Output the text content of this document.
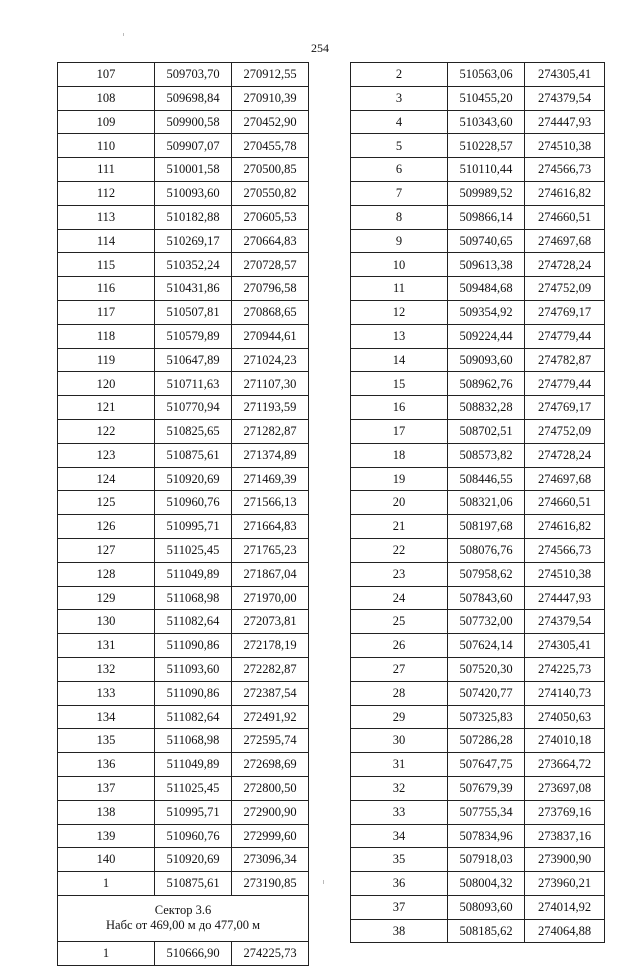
254
107	509703,70	270912,55
108	509698,84	270910,39
109	509900,58	270452,90
110	509907,07	270455,78
111	510001,58	270500,85
112	510093,60	270550,82
113	510182,88	270605,53
114	510269,17	270664,83
115	510352,24	270728,57
116	510431,86	270796,58
117	510507,81	270868,65
118	510579,89	270944,61
119	510647,89	271024,23
120	510711,63	271107,30
121	510770,94	271193,59
122	510825,65	271282,87
123	510875,61	271374,89
124	510920,69	271469,39
125	510960,76	271566,13
126	510995,71	271664,83
127	511025,45	271765,23
128	511049,89	271867,04
129	511068,98	271970,00
130	511082,64	272073,81
131	511090,86	272178,19
132	511093,60	272282,87
133	511090,86	272387,54
134	511082,64	272491,92
135	511068,98	272595,74
136	511049,89	272698,69
137	511025,45	272800,50
138	510995,71	272900,90
139	510960,76	272999,60
140	510920,69	273096,34
1	510875,61	273190,85

Сектор 3.6
Набс от 469,00 м до 477,00 м		

1	510666,90	274225,73
2	510563,06	274305,41
3	510455,20	274379,54
4	510343,60	274447,93
5	510228,57	274510,38
6	510110,44	274566,73
7	509989,52	274616,82
8	509866,14	274660,51
9	509740,65	274697,68
10	509613,38	274728,24
11	509484,68	274752,09
12	509354,92	274769,17
13	509224,44	274779,44
14	509093,60	274782,87
15	508962,76	274779,44
16	508832,28	274769,17
17	508702,51	274752,09
18	508573,82	274728,24
19	508446,55	274697,68
20	508321,06	274660,51
21	508197,68	274616,82
22	508076,76	274566,73
23	507958,62	274510,38
24	507843,60	274447,93
25	507732,00	274379,54
26	507624,14	274305,41
27	507520,30	274225,73
28	507420,77	274140,73
29	507325,83	274050,63
30	507286,28	274010,18
31	507647,75	273664,72
32	507679,39	273697,08
33	507755,34	273769,16
34	507834,96	273837,16
35	507918,03	273900,90
36	508004,32	273960,21
37	508093,60	274014,92
38	508185,62	274064,88
